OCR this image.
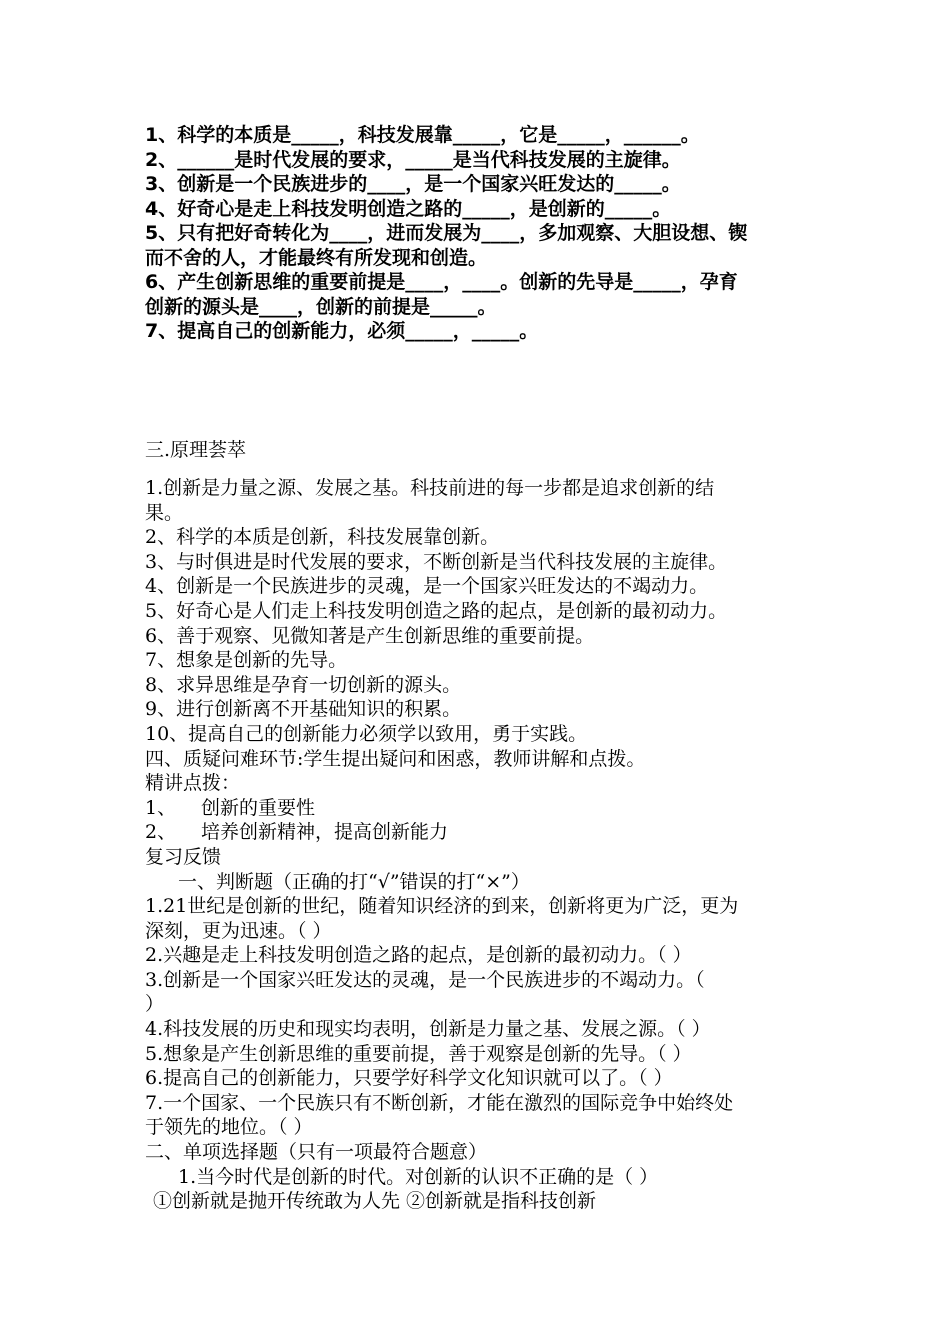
1、科学的本质是_____，科技发展靠_____，它是_____，______。
2、______是时代发展的要求，_____是当代科技发展的主旋律。
3、创新是一个民族进步的____，是一个国家兴旺发达的_____。
4、好奇心是走上科技发明创造之路的_____，是创新的_____。
5、只有把好奇转化为____，进而发展为____，多加观察、大胆设想、锲
而不舍的人，才能最终有所发现和创造。
6、产生创新思维的重要前提是____，____。创新的先导是_____，孕育
创新的源头是____，创新的前提是_____。
7、提高自己的创新能力，必须_____，_____。
三.原理荟萃
1.创新是力量之源、发展之基。科技前进的每一步都是追求创新的结
果。
2、科学的本质是创新，科技发展靠创新。
3、与时俱进是时代发展的要求，不断创新是当代科技发展的主旋律。
4、创新是一个民族进步的灵魂，是一个国家兴旺发达的不竭动力。
5、好奇心是人们走上科技发明创造之路的起点，是创新的最初动力。
6、善于观察、见微知著是产生创新思维的重要前提。
7、想象是创新的先导。
8、求异思维是孕育一切创新的源头。
9、进行创新离不开基础知识的积累。
10、提高自己的创新能力必须学以致用，勇于实践。
四、质疑问难环节:学生提出疑问和困惑，教师讲解和点拨。
精讲点拨：
1、 创新的重要性
2、 培养创新精神，提高创新能力
复习反馈
一、判断题（正确的打“√”错误的打“×”）
1.21世纪是创新的世纪，随着知识经济的到来，创新将更为广泛，更为
深刻，更为迅速。（ ）
2.兴趣是走上科技发明创造之路的起点，是创新的最初动力。（ ）
3.创新是一个国家兴旺发达的灵魂，是一个民族进步的不竭动力。（
）
4.科技发展的历史和现实均表明，创新是力量之基、发展之源。（ ）
5.想象是产生创新思维的重要前提，善于观察是创新的先导。（ ）
6.提高自己的创新能力，只要学好科学文化知识就可以了。（ ）
7.一个国家、一个民族只有不断创新，才能在激烈的国际竞争中始终处
于领先的地位。（ ）
二、单项选择题（只有一项最符合题意）
1.当今时代是创新的时代。对创新的认识不正确的是（ ）
①创新就是抛开传统敢为人先 ②创新就是指科技创新
